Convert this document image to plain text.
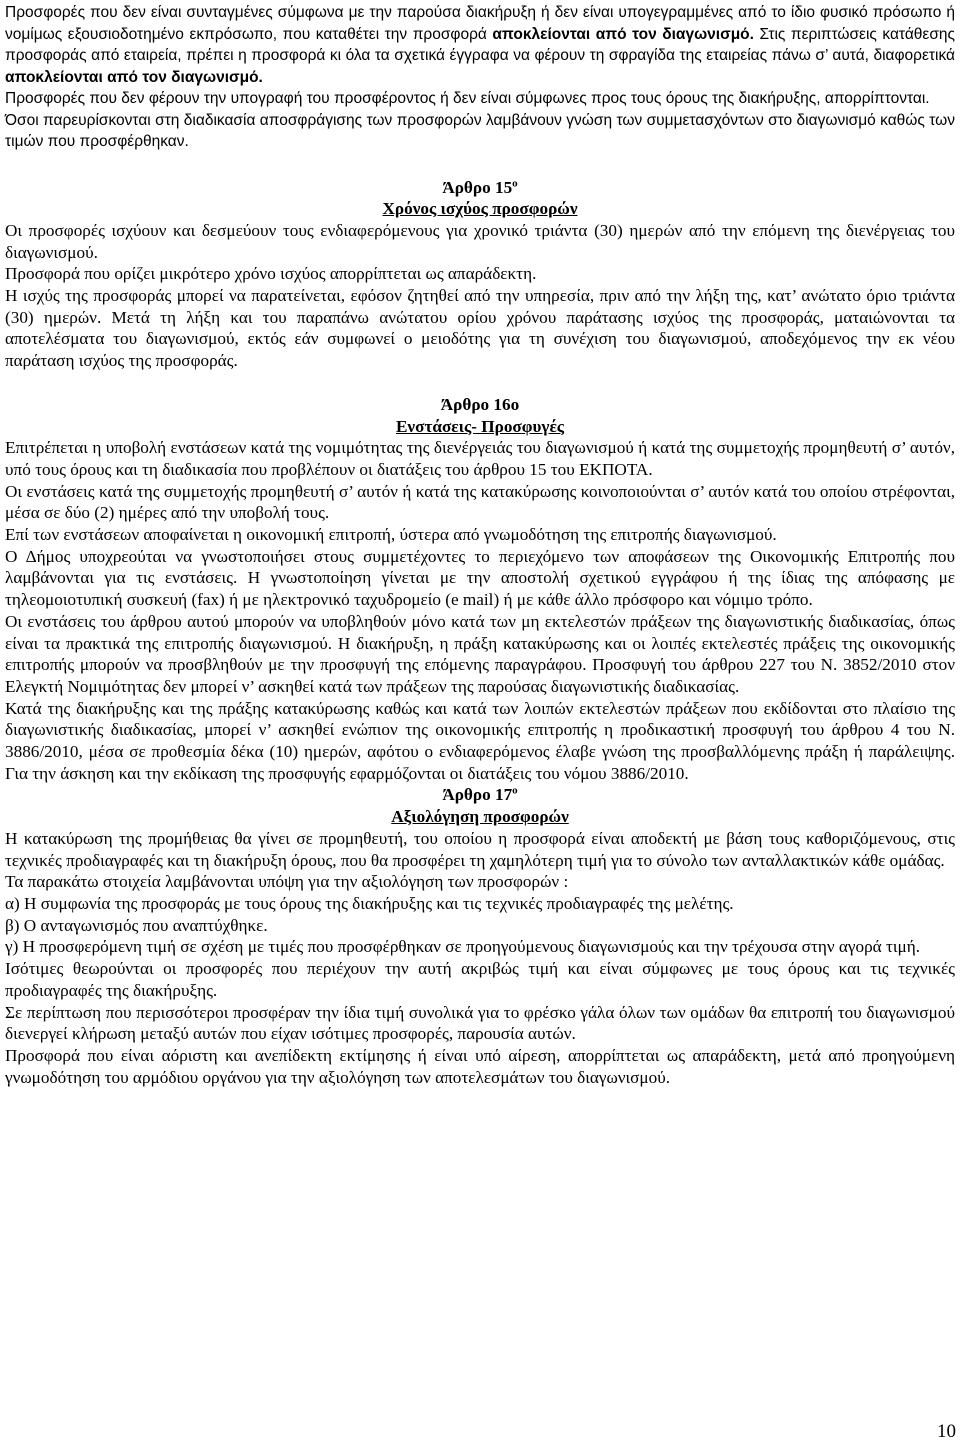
Προσφορές που δεν είναι συνταγμένες σύμφωνα με την παρούσα διακήρυξη ή δεν είναι υπογεγραμμένες από το ίδιο φυσικό πρόσωπο ή νομίμως εξουσιοδοτημένο εκπρόσωπο, που καταθέτει την προσφορά αποκλείονται από τον διαγωνισμό. Στις περιπτώσεις κατάθεσης προσφοράς από εταιρεία, πρέπει η προσφορά κι όλα τα σχετικά έγγραφα να φέρουν τη σφραγίδα της εταιρείας πάνω σ’ αυτά, διαφορετικά αποκλείονται από τον διαγωνισμό.

Προσφορές που δεν φέρουν την υπογραφή του προσφέροντος ή δεν είναι σύμφωνες προς τους όρους της διακήρυξης, απορρίπτονται.

Όσοι παρευρίσκονται στη διαδικασία αποσφράγισης των προσφορών λαμβάνουν γνώση των συμμετασχόντων στο διαγωνισμό καθώς των τιμών που προσφέρθηκαν.

Άρθρο $15^o$
Χρόνος ισχύος προσφορών

Οι προσφορές ισχύουν και δεσμεύουν τους ενδιαφερόμενους για χρονικό τριάντα (30) ημερών από την επόμενη της διενέργειας του διαγωνισμού.

Προσφορά που ορίζει μικρότερο χρόνο ισχύος απορρίπτεται ως απαράδεκτη.

Η ισχύς της προσφοράς μπορεί να παρατείνεται, εφόσον ζητηθεί από την υπηρεσία, πριν από την λήξη της, κατ’ ανώτατο όριο τριάντα (30) ημερών. Μετά τη λήξη και του παραπάνω ανώτατου ορίου χρόνου παράτασης ισχύος της προσφοράς, ματαιώνονται τα αποτελέσματα του διαγωνισμού, εκτός εάν συμφωνεί ο μειοδότης για τη συνέχιση του διαγωνισμού, αποδεχόμενος την εκ νέου παράταση ισχύος της προσφοράς.

Άρθρο 16ο
Ενστάσεις- Προσφυγές

Επιτρέπεται η υποβολή ενστάσεων κατά της νομιμότητας της διενέργειάς του διαγωνισμού ή κατά της συμμετοχής προμηθευτή σ’ αυτόν, υπό τους όρους και τη διαδικασία που προβλέπουν οι διατάξεις του άρθρου 15 του ΕΚΠΟΤΑ.

Οι ενστάσεις κατά της συμμετοχής προμηθευτή σ’ αυτόν ή κατά της κατακύρωσης κοινοποιούνται σ’ αυτόν κατά του οποίου στρέφονται, μέσα σε δύο (2) ημέρες από την υποβολή τους.

Επί των ενστάσεων αποφαίνεται η οικονομική επιτροπή, ύστερα από γνωμοδότηση της επιτροπής διαγωνισμού.

Ο Δήμος υποχρεούται να γνωστοποιήσει στους συμμετέχοντες το περιεχόμενο των αποφάσεων της Οικονομικής Επιτροπής που λαμβάνονται για τις ενστάσεις. Η γνωστοποίηση γίνεται με την αποστολή σχετικού εγγράφου ή της ίδιας της απόφασης με τηλεομοιοτυπική συσκευή (fax) ή με ηλεκτρονικό ταχυδρομείο (e mail) ή με κάθε άλλο πρόσφορο και νόμιμο τρόπο.

Οι ενστάσεις του άρθρου αυτού μπορούν να υποβληθούν μόνο κατά των μη εκτελεστών πράξεων της διαγωνιστικής διαδικασίας, όπως είναι τα πρακτικά της επιτροπής διαγωνισμού. Η διακήρυξη, η πράξη κατακύρωσης και οι λοιπές εκτελεστές πράξεις της οικονομικής επιτροπής μπορούν να προσβληθούν με την προσφυγή της επόμενης παραγράφου. Προσφυγή του άρθρου 227 του Ν. 3852/2010 στον Ελεγκτή Νομιμότητας δεν μπορεί ν’ ασκηθεί κατά των πράξεων της παρούσας διαγωνιστικής διαδικασίας.

Κατά της διακήρυξης και της πράξης κατακύρωσης καθώς και κατά των λοιπών εκτελεστών πράξεων που εκδίδονται στο πλαίσιο της διαγωνιστικής διαδικασίας, μπορεί ν’ ασκηθεί ενώπιον της οικονομικής επιτροπής η προδικαστική προσφυγή του άρθρου 4 του Ν. 3886/2010, μέσα σε προθεσμία δέκα (10) ημερών, αφότου ο ενδιαφερόμενος έλαβε γνώση της προσβαλλόμενης πράξη ή παράλειψης. Για την άσκηση και την εκδίκαση της προσφυγής εφαρμόζονται οι διατάξεις του νόμου 3886/2010.

Άρθρο $17^o$
Αξιολόγηση προσφορών

Η κατακύρωση της προμήθειας θα γίνει σε προμηθευτή, του οποίου η προσφορά είναι αποδεκτή με βάση τους καθοριζόμενους, στις τεχνικές προδιαγραφές και τη διακήρυξη όρους, που θα προσφέρει τη χαμηλότερη τιμή για το σύνολο των ανταλλακτικών κάθε ομάδας.

Τα παρακάτω στοιχεία λαμβάνονται υπόψη για την αξιολόγηση των προσφορών :

α) Η συμφωνία της προσφοράς με τους όρους της διακήρυξης και τις τεχνικές προδιαγραφές της μελέτης.

β) Ο ανταγωνισμός που αναπτύχθηκε.

γ) Η προσφερόμενη τιμή σε σχέση με τιμές που προσφέρθηκαν σε προηγούμενους διαγωνισμούς και την τρέχουσα στην αγορά τιμή.

Ισότιμες θεωρούνται οι προσφορές που περιέχουν την αυτή ακριβώς τιμή και είναι σύμφωνες με τους όρους και τις τεχνικές προδιαγραφές της διακήρυξης.

Σε περίπτωση που περισσότεροι προσφέραν την ίδια τιμή συνολικά για το φρέσκο γάλα όλων των ομάδων θα επιτροπή του διαγωνισμού διενεργεί κλήρωση μεταξύ αυτών που είχαν ισότιμες προσφορές, παρουσία αυτών.

Προσφορά που είναι αόριστη και ανεπίδεκτη εκτίμησης ή είναι υπό αίρεση, απορρίπτεται ως απαράδεκτη, μετά από προηγούμενη γνωμοδότηση του αρμόδιου οργάνου για την αξιολόγηση των αποτελεσμάτων του διαγωνισμού.

10
